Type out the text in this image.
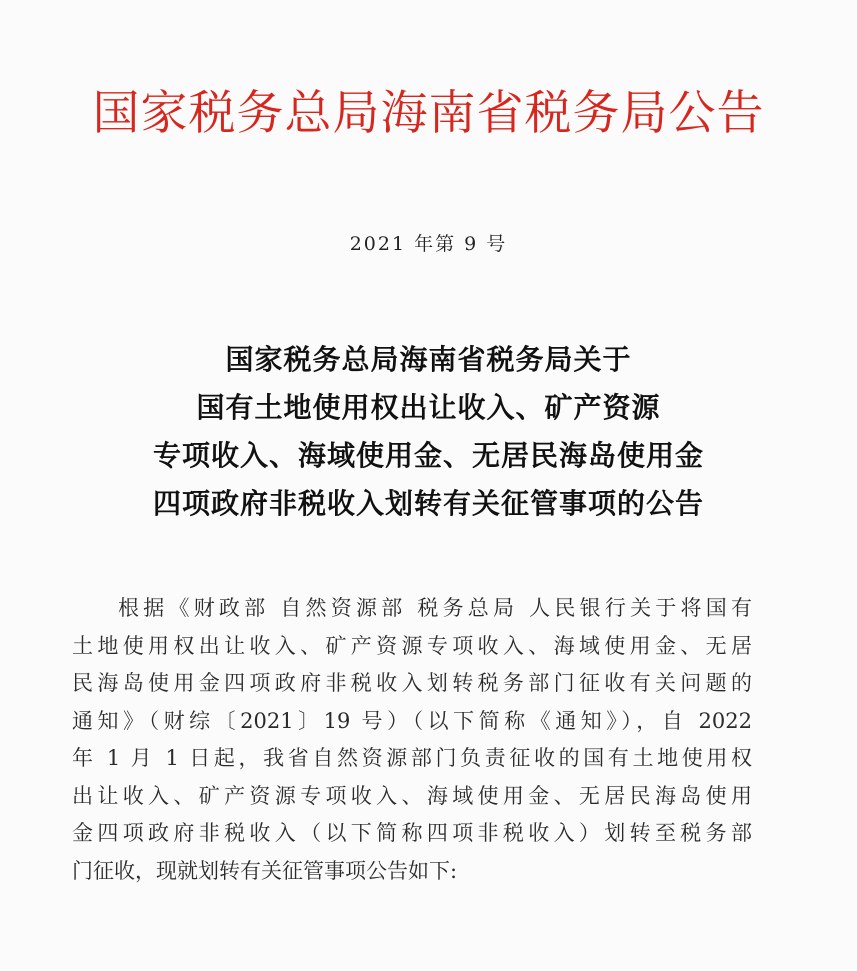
国家税务总局海南省税务局公告
2021 年第 9 号
国家税务总局海南省税务局关于
国有土地使用权出让收入、矿产资源
专项收入、海域使用金、无居民海岛使用金
四项政府非税收入划转有关征管事项的公告
根据《财政部 自然资源部 税务总局 人民银行关于将国有
土地使用权出让收入、矿产资源专项收入、海域使用金、无居
民海岛使用金四项政府非税收入划转税务部门征收有关问题的
通知》（财综〔2021〕19 号）（以下简称《通知》），自 2022
年 1 月 1 日起，我省自然资源部门负责征收的国有土地使用权
出让收入、矿产资源专项收入、海域使用金、无居民海岛使用
金四项政府非税收入（以下简称四项非税收入）划转至税务部
门征收，现就划转有关征管事项公告如下:
